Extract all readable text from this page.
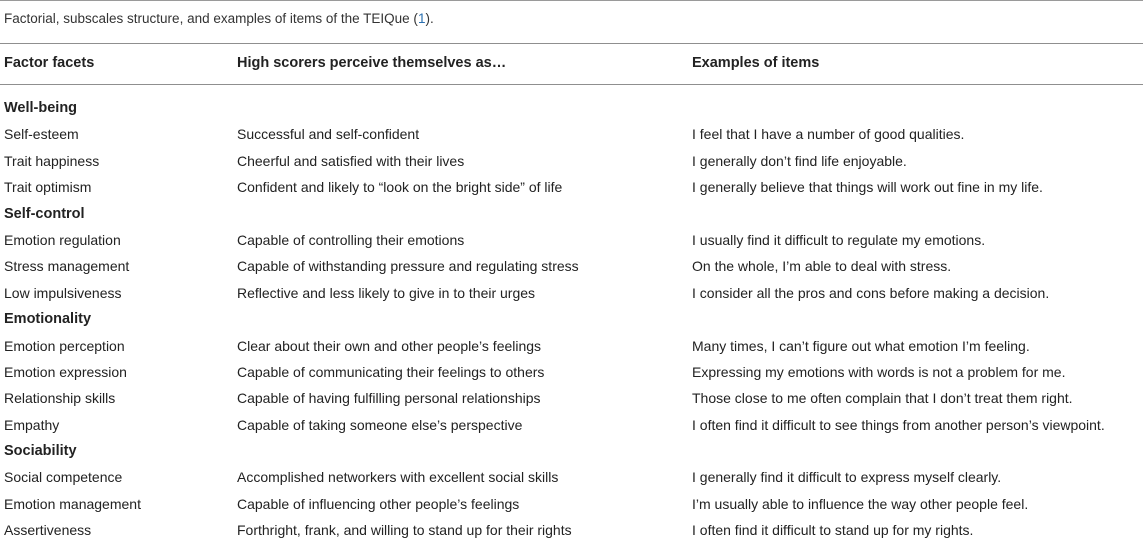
Factorial, subscales structure, and examples of items of the TEIQue (1).
Factor facets	High scorers perceive themselves as…	Examples of items
Well-being
Self-esteem	Successful and self-confident	I feel that I have a number of good qualities.
Trait happiness	Cheerful and satisfied with their lives	I generally don’t find life enjoyable.
Trait optimism	Confident and likely to “look on the bright side” of life	I generally believe that things will work out fine in my life.
Self-control
Emotion regulation	Capable of controlling their emotions	I usually find it difficult to regulate my emotions.
Stress management	Capable of withstanding pressure and regulating stress	On the whole, I’m able to deal with stress.
Low impulsiveness	Reflective and less likely to give in to their urges	I consider all the pros and cons before making a decision.
Emotionality
Emotion perception	Clear about their own and other people’s feelings	Many times, I can’t figure out what emotion I’m feeling.
Emotion expression	Capable of communicating their feelings to others	Expressing my emotions with words is not a problem for me.
Relationship skills	Capable of having fulfilling personal relationships	Those close to me often complain that I don’t treat them right.
Empathy	Capable of taking someone else’s perspective	I often find it difficult to see things from another person’s viewpoint.
Sociability
Social competence	Accomplished networkers with excellent social skills	I generally find it difficult to express myself clearly.
Emotion management	Capable of influencing other people’s feelings	I’m usually able to influence the way other people feel.
Assertiveness	Forthright, frank, and willing to stand up for their rights	I often find it difficult to stand up for my rights.
